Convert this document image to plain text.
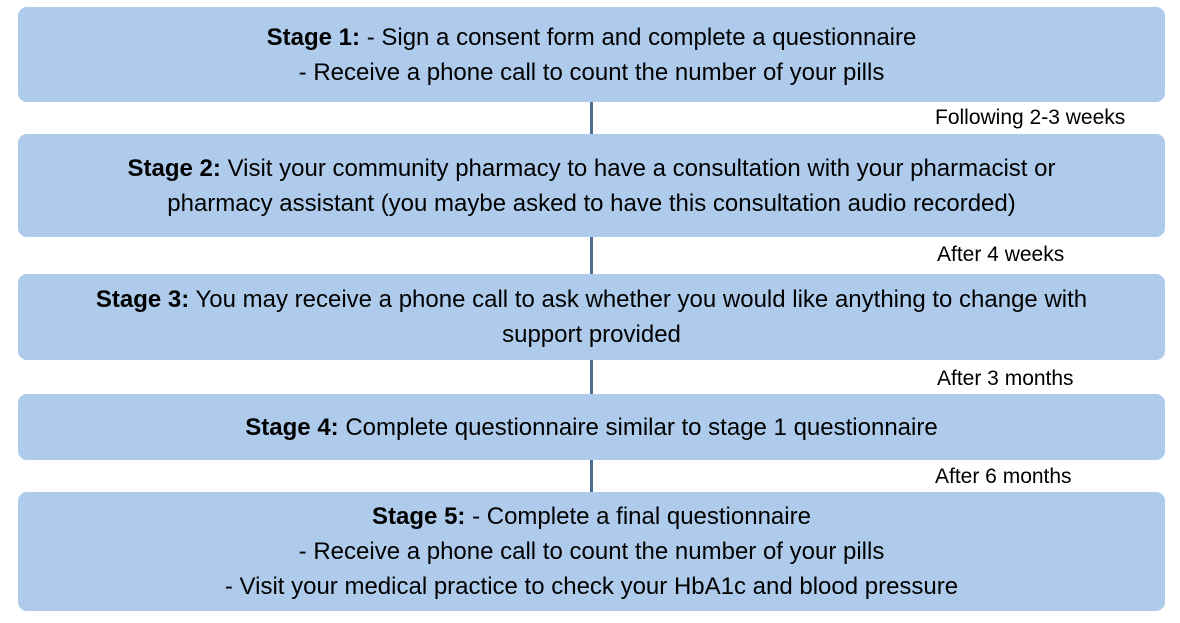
Stage 1: - Sign a consent form and complete a questionnaire
- Receive a phone call to count the number of your pills
Following 2-3 weeks
Stage 2: Visit your community pharmacy to have a consultation with your pharmacist or
pharmacy assistant (you maybe asked to have this consultation audio recorded)
After 4 weeks
Stage 3: You may receive a phone call to ask whether you would like anything to change with
support provided
After 3 months
Stage 4: Complete questionnaire similar to stage 1 questionnaire
After 6 months
Stage 5: - Complete a final questionnaire
- Receive a phone call to count the number of your pills
- Visit your medical practice to check your HbA1c and blood pressure
